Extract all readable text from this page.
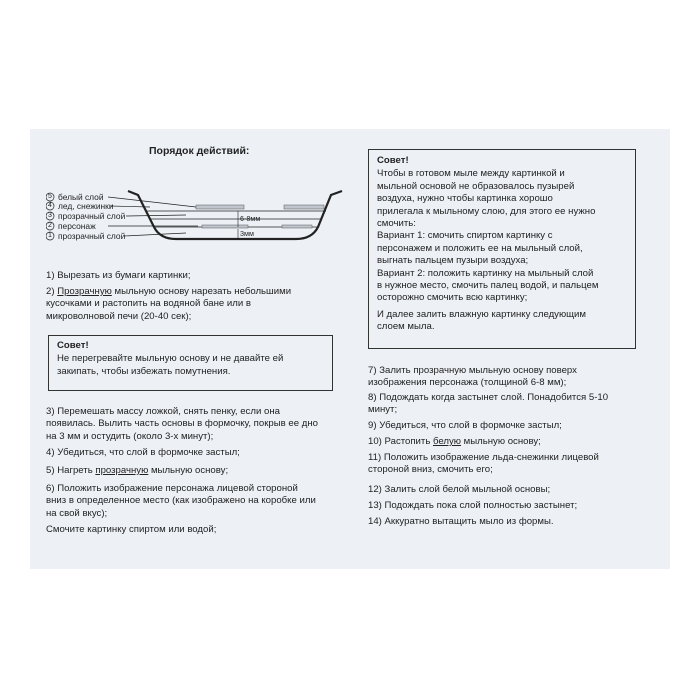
Порядок действий:
5 белый слой
4 лед, снежинки
3 прозрачный слой
2 персонаж
1 прозрачный слой
6-8мм
3мм

1) Вырезать из бумаги картинки;

2) Прозрачную мыльную основу нарезать небольшими
кусочками и растопить на водяной бане или в
микроволновой печи (20-40 сек);

Совет!
Не перегревайте мыльную основу и не давайте ей
закипать, чтобы избежать помутнения.

3) Перемешать массу ложкой, снять пенку, если она
появилась. Вылить часть основы в формочку, покрыв ее дно
на 3 мм и остудить (около 3-х минут);

4) Убедиться, что слой в формочке застыл;

5) Нагреть прозрачную мыльную основу;

6) Положить изображение персонажа лицевой стороной
вниз в определенное место (как изображено на коробке или
на свой вкус);

Смочите картинку спиртом или водой;

Совет!
Чтобы в готовом мыле между картинкой и
мыльной основой не образовалось пузырей
воздуха, нужно чтобы картинка хорошо
прилегала к мыльному слою, для этого ее нужно
смочить:
Вариант 1: смочить спиртом картинку с
персонажем и положить ее на мыльный слой,
выгнать пальцем пузыри воздуха;
Вариант 2: положить картинку на мыльный слой
в нужное место, смочить палец водой, и пальцем
осторожно смочить всю картинку;
И далее залить влажную картинку следующим
слоем мыла.

7) Залить прозрачную мыльную основу поверх
изображения персонажа (толщиной 6-8 мм);

8) Подождать когда застынет слой. Понадобится 5-10
минут;

9) Убедиться, что слой в формочке застыл;

10) Растопить белую мыльную основу;

11) Положить изображение льда-снежинки лицевой
стороной вниз, смочить его;

12) Залить слой белой мыльной основы;

13) Подождать пока слой полностью застынет;

14) Аккуратно вытащить мыло из формы.
